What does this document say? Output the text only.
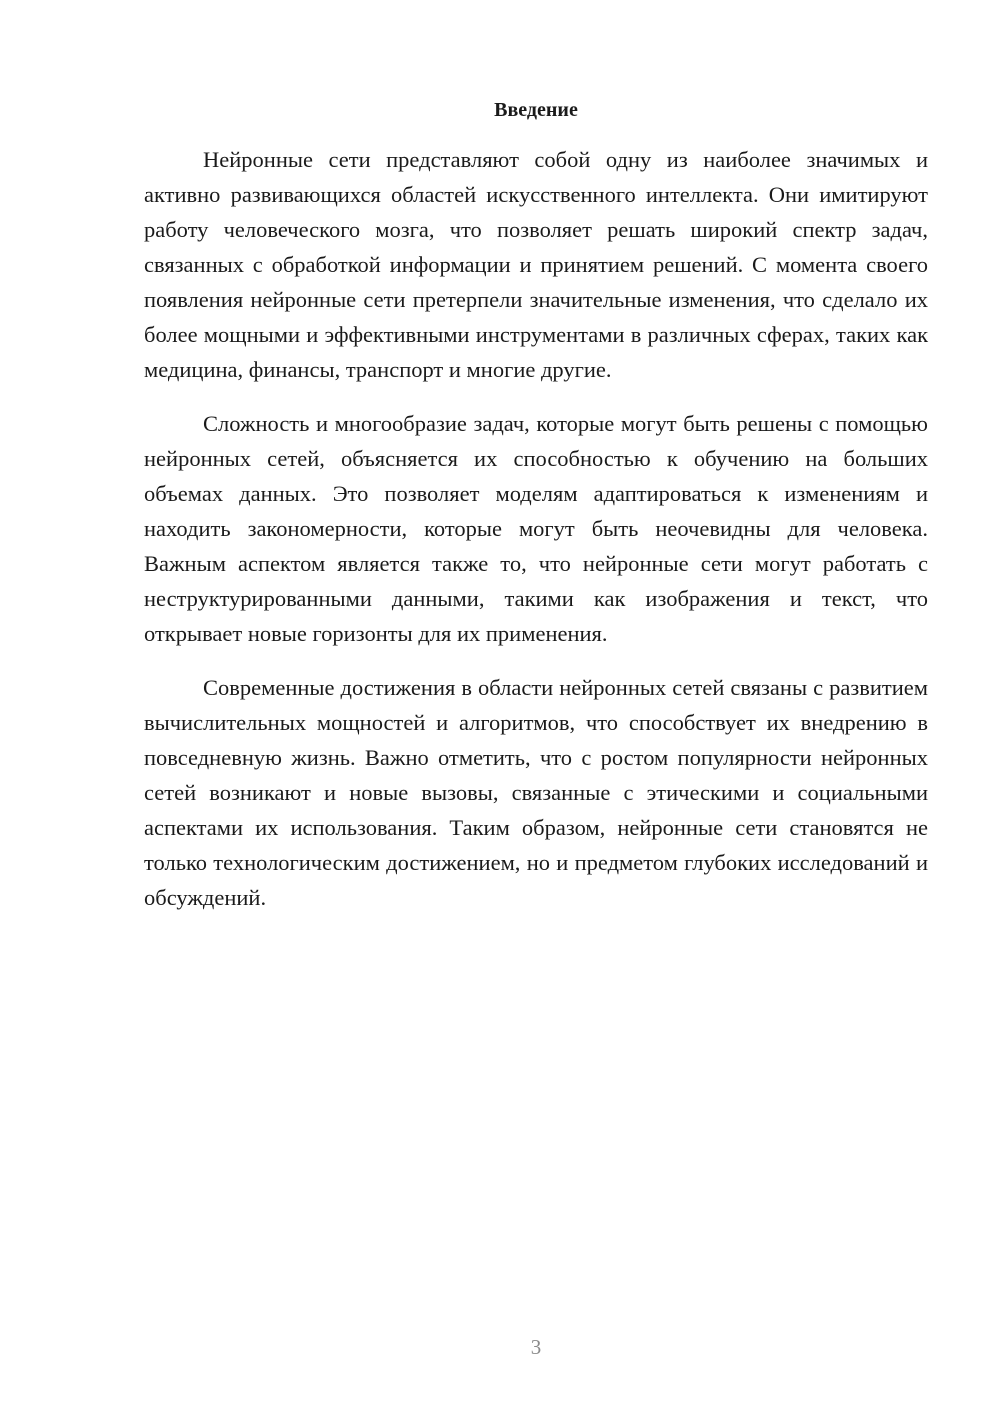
Введение

Нейронные сети представляют собой одну из наиболее значимых и активно развивающихся областей искусственного интеллекта. Они имитируют работу человеческого мозга, что позволяет решать широкий спектр задач, связанных с обработкой информации и принятием решений. С момента своего появления нейронные сети претерпели значительные изменения, что сделало их более мощными и эффективными инструментами в различных сферах, таких как медицина, финансы, транспорт и многие другие.

Сложность и многообразие задач, которые могут быть решены с помощью нейронных сетей, объясняется их способностью к обучению на больших объемах данных. Это позволяет моделям адаптироваться к изменениям и находить закономерности, которые могут быть неочевидны для человека. Важным аспектом является также то, что нейронные сети могут работать с неструктурированными данными, такими как изображения и текст, что открывает новые горизонты для их применения.

Современные достижения в области нейронных сетей связаны с развитием вычислительных мощностей и алгоритмов, что способствует их внедрению в повседневную жизнь. Важно отметить, что с ростом популярности нейронных сетей возникают и новые вызовы, связанные с этическими и социальными аспектами их использования. Таким образом, нейронные сети становятся не только технологическим достижением, но и предметом глубоких исследований и обсуждений.

3
